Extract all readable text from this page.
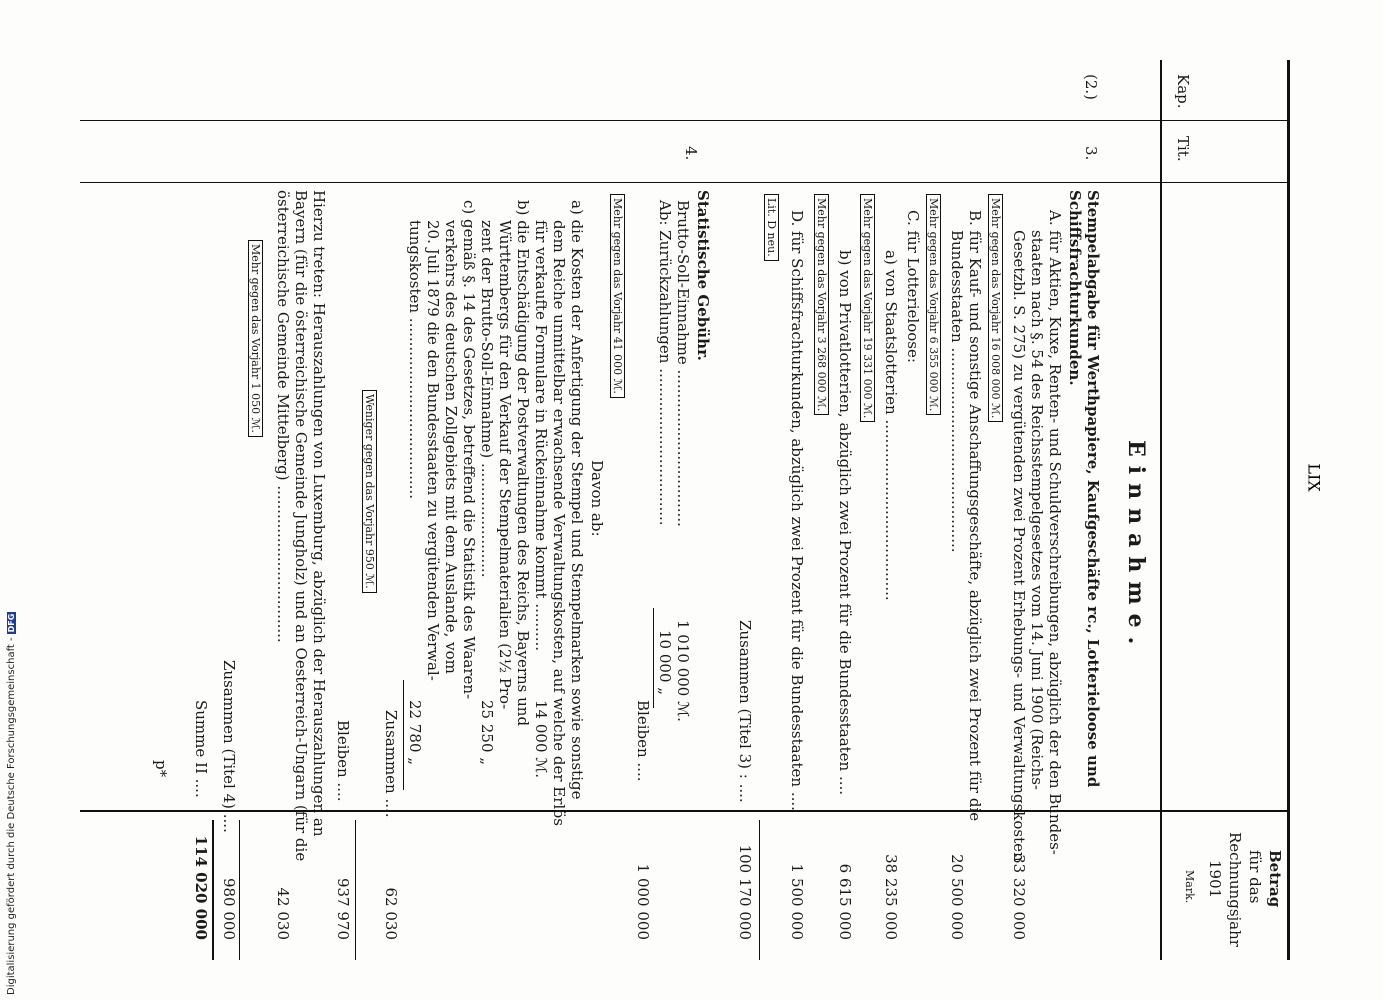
LIX
Kap.
Tit.
Betrag
für das
Rechnungsjahr
1901
Mark.
Einnahme.
(2.)
3.
4.
Stempelabgabe für Werthpapiere, Kaufgeschäfte rc., Lotterieloose und Schiffsfrachturkunden.
A. für Aktien, Kuxe, Renten- und Schuldverschreibungen, abzüglich der den Bundes-
staaten nach §. 54 des Reichsstempelgesetzes vom 14. Juni 1900 (Reichs-
Gesetzbl. S. 275) zu vergütenden zwei Prozent Erhebungs- und Verwaltungskosten
33 320 000
Mehr gegen das Vorjahr 16 008 000 ℳ.
B. für Kauf- und sonstige Anschaffungsgeschäfte, abzüglich zwei Prozent für die
Bundesstaaten ...........................................
20 500 000
Mehr gegen das Vorjahr 6 355 000 ℳ.
C. für Lotterieloose:
a) von Staatslotterien ......................................
38 235 000
Mehr gegen das Vorjahr 19 331 000 ℳ.
b) von Privatlotterien, abzüglich zwei Prozent für die Bundesstaaten ....
6 615 000
Mehr gegen das Vorjahr 3 268 000 ℳ.
D. für Schiffsfrachturkunden, abzüglich zwei Prozent für die Bundesstaaten ....
1 500 000
Lit. D neu.
Zusammen (Titel 3) : ....
100 170 000
Statistische Gebühr.
Brutto-Soll-Einnahme .................................
1 010 000 ℳ.
Ab: Zurückzahlungen .................................
10 000 „
Bleiben ....
1 000 000
Mehr gegen das Vorjahr 41 000 ℳ.
Davon ab:
a) die Kosten der Anfertigung der Stempel und Stempelmarken sowie sonstige
dem Reiche unmittelbar erwachsende Verwaltungskosten, auf welche der Erlös
für verkaufte Formulare in Rückeinnahme kommt ..........
14 000 ℳ.
b) die Entschädigung der Postverwaltungen des Reichs, Bayerns und
Württembergs für den Verkauf der Stempelmaterialien (2½ Pro-
zent der Brutto-Soll-Einnahme) ........................
25 250 „
c) gemäß §. 14 des Gesetzes, betreffend die Statistik des Waaren-
verkehrs des deutschen Zollgebiets mit dem Auslande, vom
20. Juli 1879 die den Bundesstaaten zu vergütenden Verwal-
tungskosten ......................................
22 780 „
Zusammen ....
62 030
Weniger gegen das Vorjahr 950 ℳ.
Bleiben ....
937 970
Hierzu treten: Herauszahlungen von Luxemburg, abzüglich der Herauszahlungen an
Bayern (für die österreichische Gemeinde Jungholz) und an Oesterreich-Ungarn (für die
österreichische Gemeinde Mittelberg) .................................
42 030
Mehr gegen das Vorjahr 1 050 ℳ.
Zusammen (Titel 4) ....
980 000
Summe II ....
114 020 000
p*
Digitalisierung gefördert durch die Deutsche Forschungsgemeinschaft -DFG
